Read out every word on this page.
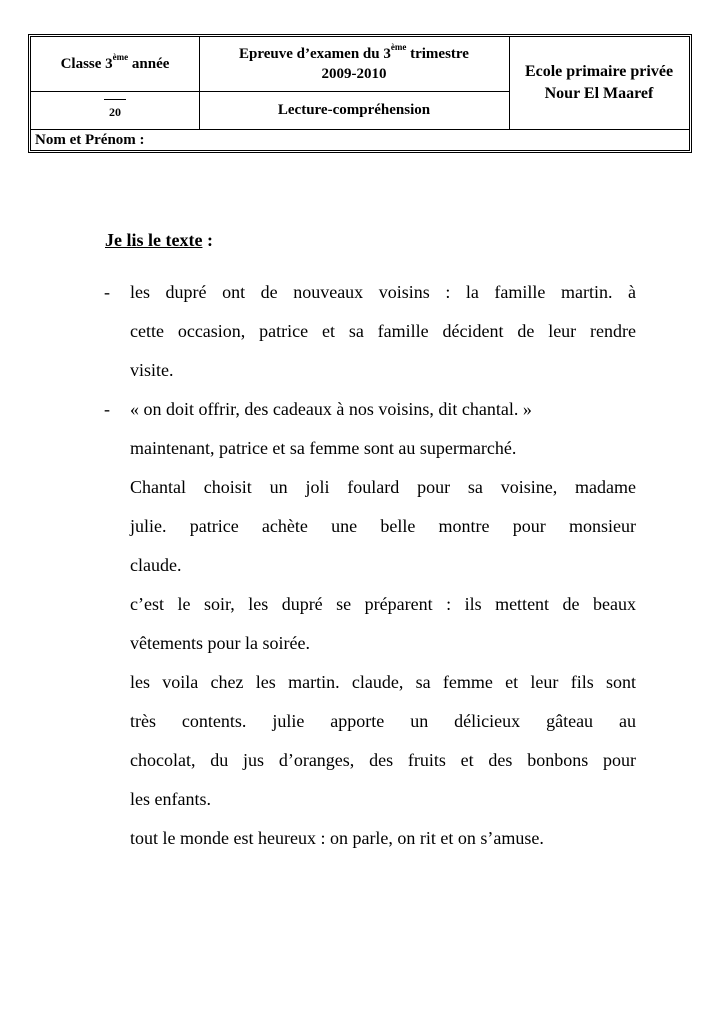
Classe 3ème année
20
Epreuve d’examen du 3ème trimestre
2009-2010
Lecture-compréhension
Ecole primaire privée
Nour El Maaref
Nom et Prénom :
Je lis le texte :
-
-
les dupré ont de nouveaux voisins : la famille martin. à
cette occasion, patrice et sa famille décident de leur rendre
visite.
« on doit offrir, des cadeaux à nos voisins, dit chantal. »
maintenant, patrice et sa femme sont au supermarché.
Chantal choisit un joli foulard pour sa voisine, madame
julie. patrice achète une belle montre pour monsieur
claude.
c’est le soir, les dupré se préparent : ils mettent de beaux
vêtements pour la soirée.
les voila chez les martin. claude, sa femme et leur fils sont
très contents. julie apporte un délicieux gâteau au
chocolat, du jus d’oranges, des fruits et des bonbons pour
les enfants.
tout le monde est heureux : on parle, on rit et on s’amuse.
